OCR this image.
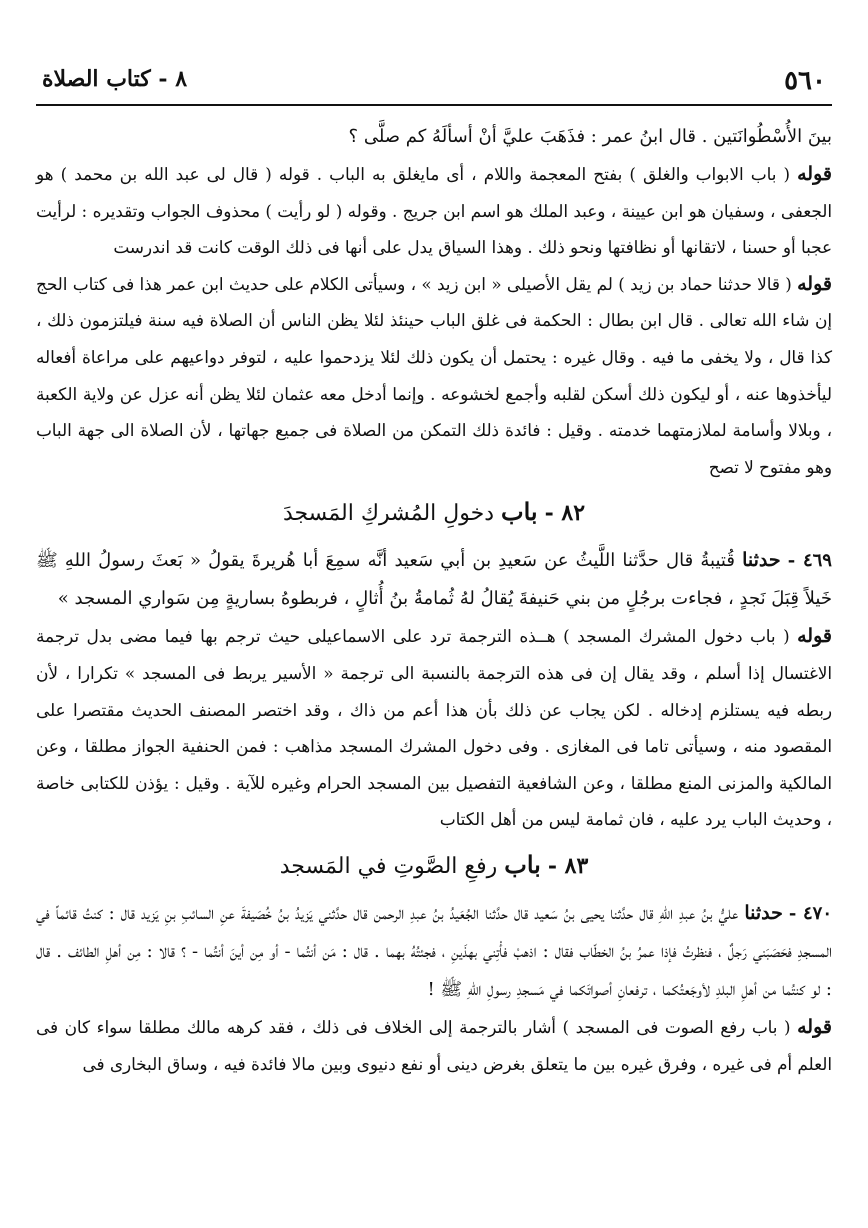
٨ - كتاب الصلاة	٥٦٠

بينَ الأُسْطُوانَتين . قال ابنُ عمر : فذَهَبَ عليَّ أنْ أسألَهُ كم صلَّى ؟

قوله ( باب الابواب والغلق ) بفتح المعجمة واللام ، أى مايغلق به الباب . قوله ( قال لى عبد الله بن محمد ) هو الجعفى ، وسفيان هو ابن عيينة ، وعبد الملك هو اسم ابن جريج . وقوله ( لو رأيت ) محذوف الجواب وتقديره : لرأيت عجبا أو حسنا ، لاتقانها أو نظافتها ونحو ذلك . وهذا السياق يدل على أنها فى ذلك الوقت كانت قد اندرست

قوله ( قالا حدثنا حماد بن زيد ) لم يقل الأصيلى « ابن زيد » ، وسيأتى الكلام على حديث ابن عمر هذا فى كتاب الحج إن شاء الله تعالى . قال ابن بطال : الحكمة فى غلق الباب حينئذ لئلا يظن الناس أن الصلاة فيه سنة فيلتزمون ذلك ، كذا قال ، ولا يخفى ما فيه . وقال غيره : يحتمل أن يكون ذلك لئلا يزدحموا عليه ، لتوفر دواعيهم على مراعاة أفعاله ليأخذوها عنه ، أو ليكون ذلك أسكن لقلبه وأجمع لخشوعه . وإنما أدخل معه عثمان لئلا يظن أنه عزل عن ولاية الكعبة ، وبلالا وأسامة لملازمتهما خدمته . وقيل : فائدة ذلك التمكن من الصلاة فى جميع جهاتها ، لأن الصلاة الى جهة الباب وهو مفتوح لا تصح

٨٢ - باب دخولِ المُشركِ المَسجدَ

٤٦٩ - حدثنا قُتيبةُ قال حدَّثنا اللَّيثُ عن سَعيدِ بن أبي سَعيد أنَّه سمِعَ أبا هُريرةَ يقولُ « بَعثَ رسولُ اللهِ ﷺ خَيلاً قِبَلَ نَجدٍ ، فجاءت برجُلٍ من بني حَنيفةَ يُقالُ لهُ ثُمامةُ بنُ أُثالٍ ، فربطوهُ بساريةٍ مِن سَواري المسجد »

قوله ( باب دخول المشرك المسجد ) هــذه الترجمة ترد على الاسماعيلى حيث ترجم بها فيما مضى بدل ترجمة الاغتسال إذا أسلم ، وقد يقال إن فى هذه الترجمة بالنسبة الى ترجمة « الأسير يربط فى المسجد » تكرارا ، لأن ربطه فيه يستلزم إدخاله . لكن يجاب عن ذلك بأن هذا أعم من ذاك ، وقد اختصر المصنف الحديث مقتصرا على المقصود منه ، وسيأتى تاما فى المغازى . وفى دخول المشرك المسجد مذاهب : فمن الحنفية الجواز مطلقا ، وعن المالكية والمزنى المنع مطلقا ، وعن الشافعية التفصيل بين المسجد الحرام وغيره للآية . وقيل : يؤذن للكتابى خاصة ، وحديث الباب يرد عليه ، فان ثمامة ليس من أهل الكتاب

٨٣ - باب رفعِ الصَّوتِ في المَسجد

٤٧٠ - حدثنا عليُّ بنُ عبدِ اللهِ قال حدَّثنا يحيى بنُ سَعيد قال حدَّثنا الجُعَيدُ بنُ عبدِ الرحمن قال حدَّثني يَزيدُ بنُ خُصَيفةَ عنِ السائبِ بنِ يَزيد قال : كنتُ قائماً في المسجدِ فحَصَبَني رَجلٌ ، فنظرتُ فإذا عمرُ بنُ الخطّاب فقال : اذهبْ فأْتِني بهذَينِ ، فجئتُهُ بهما . قال : مَن أنتُما - أو مِن أينَ أنتُما - ؟ قالا : مِن أهلِ الطائف . قال : لو كنتُما من أهلِ البلدِ لأوجَعتُكما ، ترفعانِ أصواتَكما في مَسجدِ رسولِ اللهِ ﷺ !

قوله ( باب رفع الصوت فى المسجد ) أشار بالترجمة إلى الخلاف فى ذلك ، فقد كرهه مالك مطلقا سواء كان فى العلم أم فى غيره ، وفرق غيره بين ما يتعلق بغرض دينى أو نفع دنيوى وبين مالا فائدة فيه ، وساق البخارى فى
